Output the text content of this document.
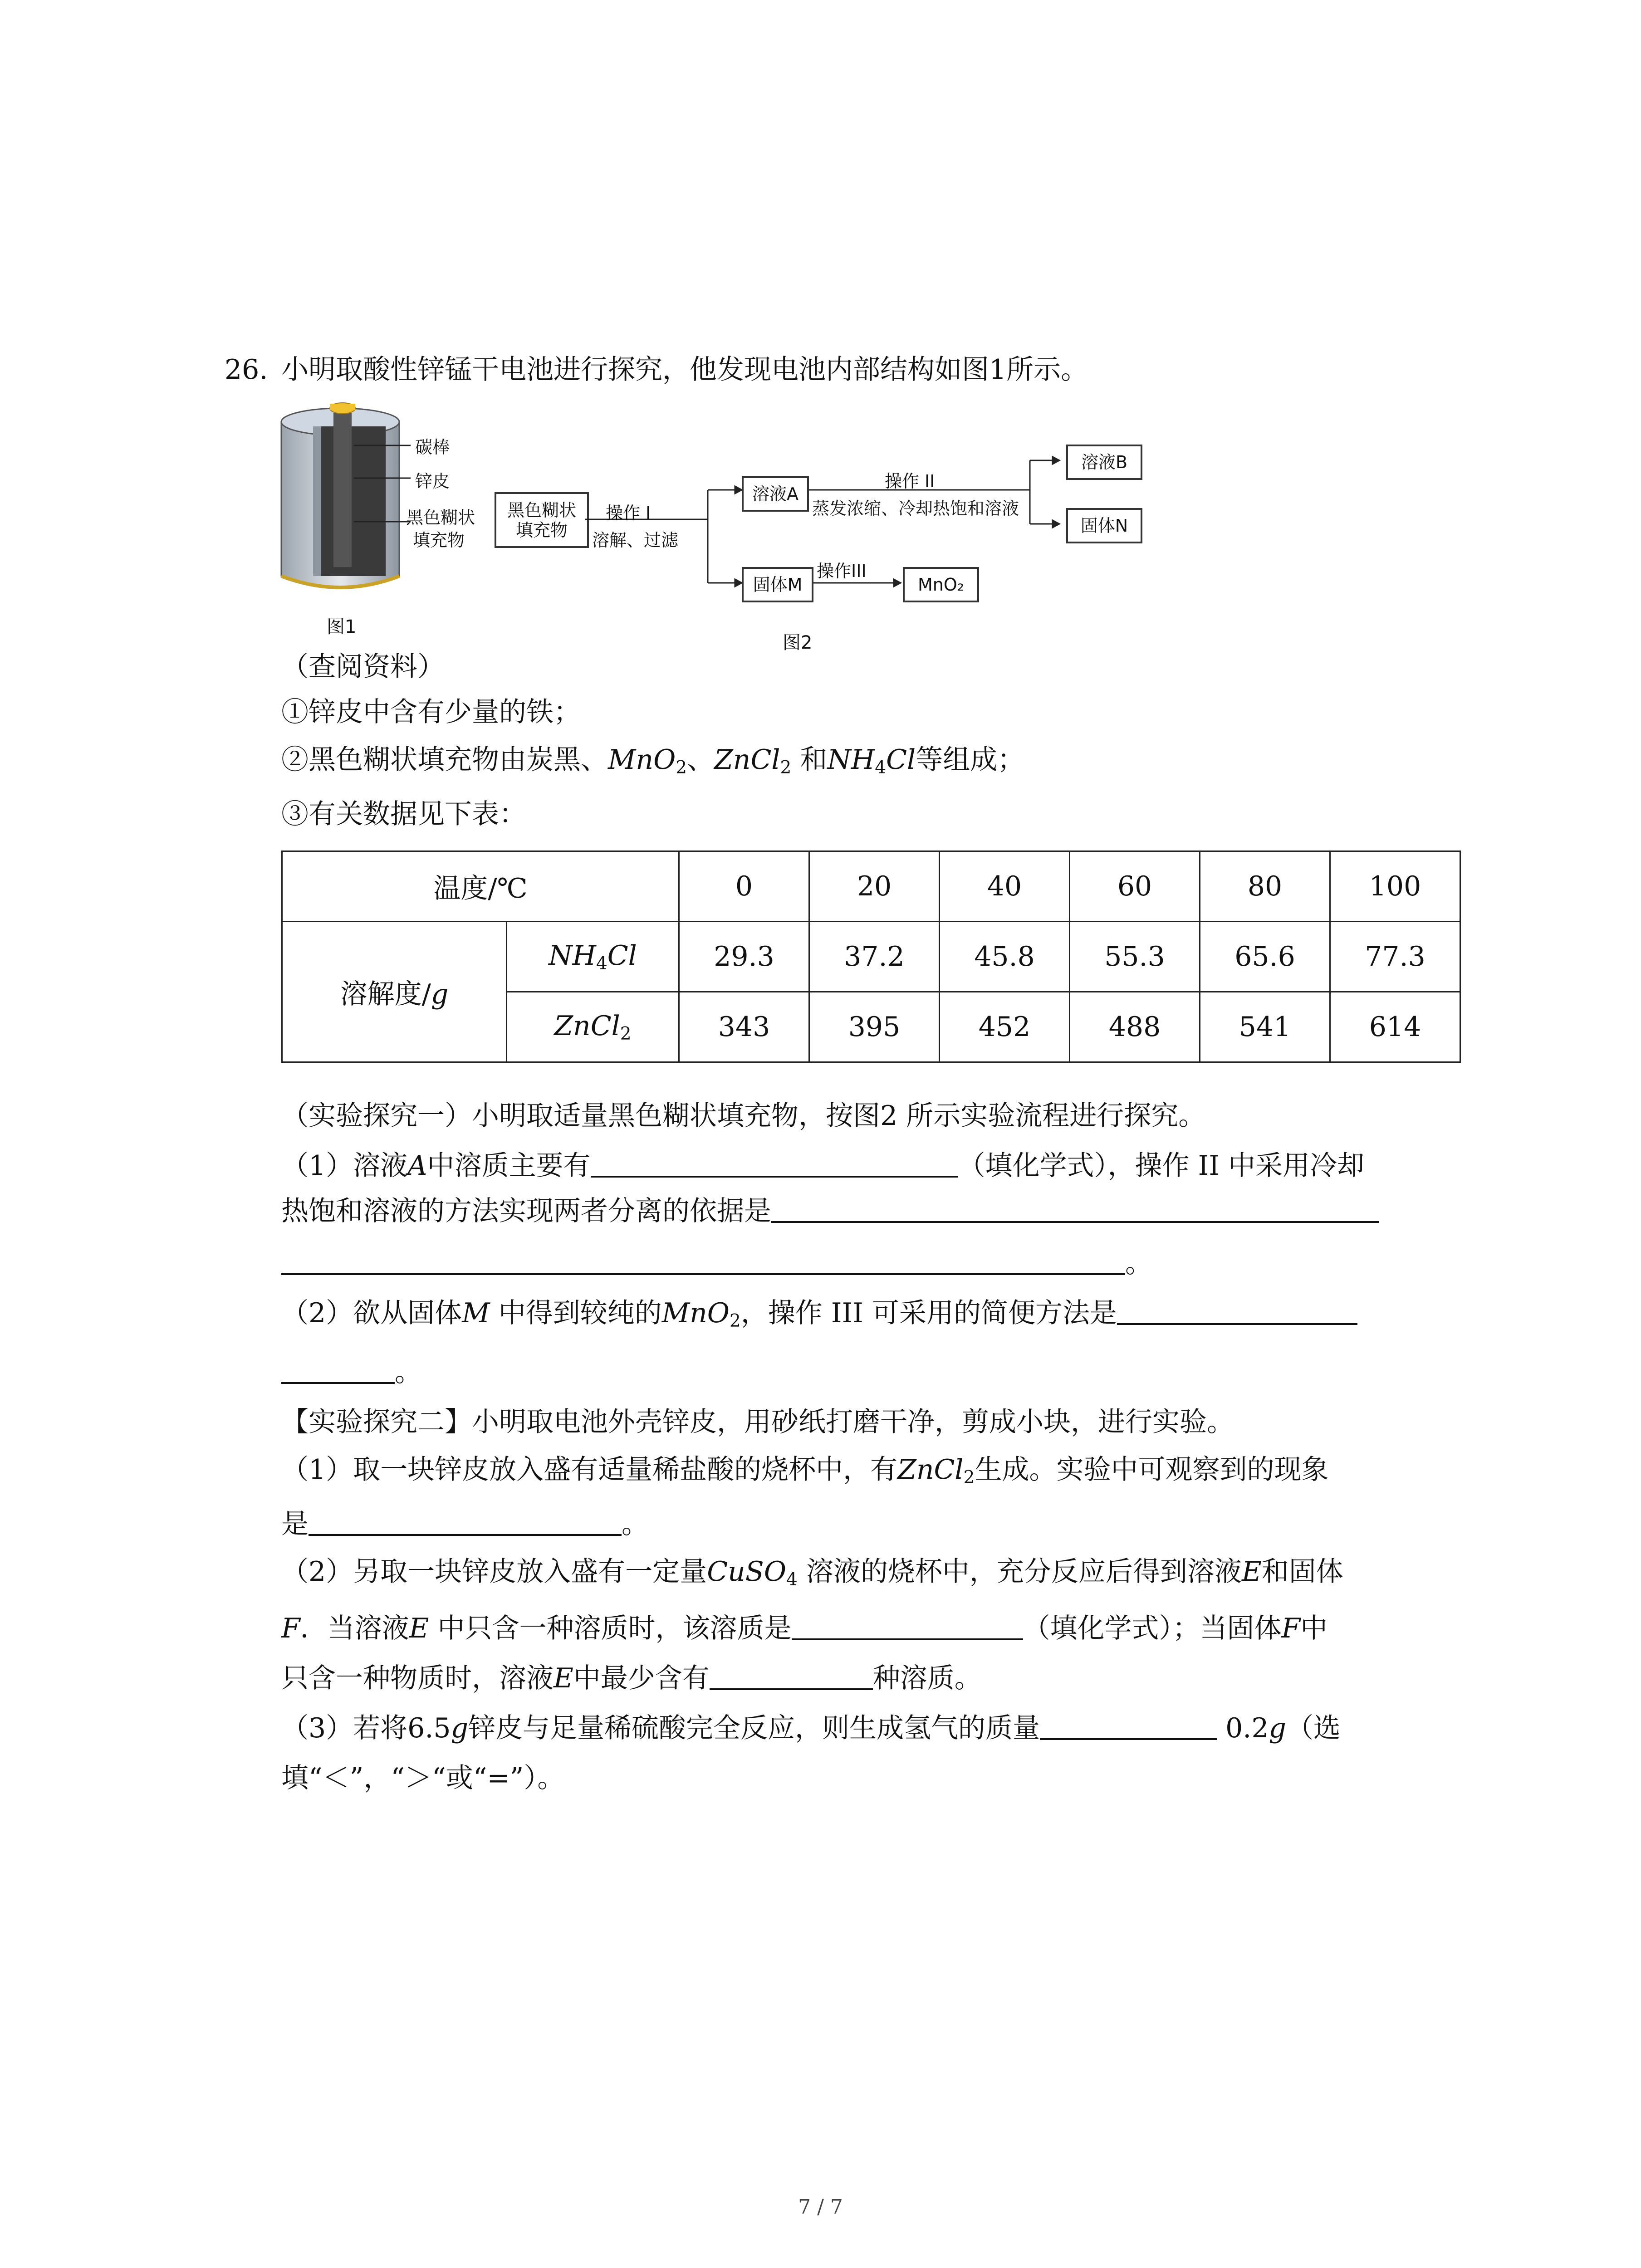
26. 小明取酸性锌锰干电池进行探究，他发现电池内部结构如图1所示。
碳棒
锌皮
黑色糊状
填充物
图1
黑色糊状
填充物
操作 I
溶解、过滤
溶液A
操作 II
蒸发浓缩、冷却热饱和溶液
溶液B
固体N
固体M
操作III
MnO₂
图2
（查阅资料）
①锌皮中含有少量的铁；
②黑色糊状填充物由炭黑、MnO$_2$、ZnCl$_2$ 和$NH_4Cl$等组成；
③有关数据见下表：
温度/℃		0	20	40	60	80	100
溶解度/g	$NH_4Cl$	29.3	37.2	45.8	55.3	65.6	77.3
	ZnCl$_2$	343	395	452	488	541	614
（实验探究一）小明取适量黑色糊状填充物，按图2 所示实验流程进行探究。
（1）溶液A中溶质主要有	（填化学式），操作 II 中采用冷却
热饱和溶液的方法实现两者分离的依据是
。
（2）欲从固体M 中得到较纯的MnO$_2$，操作 III 可采用的简便方法是
。
【实验探究二】小明取电池外壳锌皮，用砂纸打磨干净，剪成小块，进行实验。
（1）取一块锌皮放入盛有适量稀盐酸的烧杯中，有ZnCl$_2$生成。实验中可观察到的现象
是	。
（2）另取一块锌皮放入盛有一定量CuSO$_4$ 溶液的烧杯中，充分反应后得到溶液E和固体
F．当溶液E 中只含一种溶质时，该溶质是	（填化学式）；当固体F中
只含一种物质时，溶液E中最少含有	种溶质。
（3）若将6.5g锌皮与足量稀硫酸完全反应，则生成氢气的质量	0.2g（选
填“＜”，“＞“或“=”）。
7 / 7
